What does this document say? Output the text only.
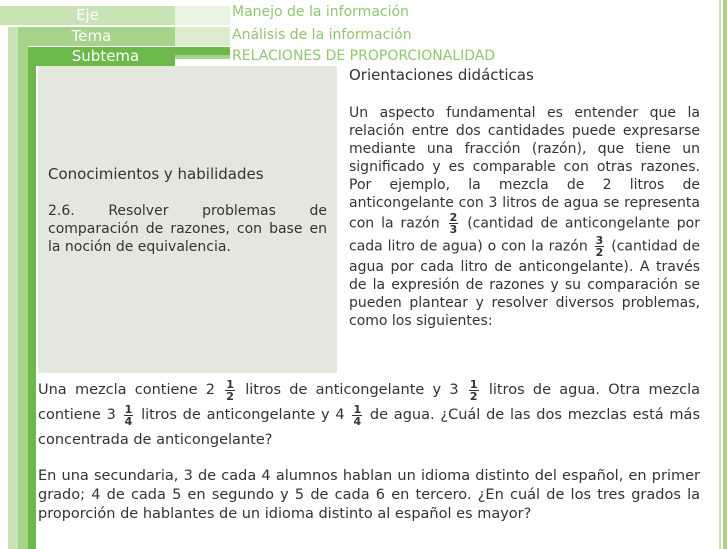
Eje
Tema
Subtema
Manejo de la información
Análisis de la información
RELACIONES DE PROPORCIONALIDAD
Conocimientos y habilidades
2.6. Resolver problemas de comparación de razones, con base en la noción de equivalencia.
Orientaciones didácticas
Un aspecto fundamental es entender que la relación entre dos cantidades puede expresarse mediante una fracción (razón), que tiene un significado y es comparable con otras razones. Por ejemplo, la mezcla de 2 litros de anticongelante con 3 litros de agua se representa con la razón $\frac{2}{3}$ (cantidad de anticongelante por cada litro de agua) o con la razón $\frac{3}{2}$ (cantidad de agua por cada litro de anticongelante). A través de la expresión de razones y su comparación se pueden plantear y resolver diversos problemas, como los siguientes:
Una mezcla contiene $2 \frac{1}{2}$ litros de anticongelante y $3 \frac{1}{2}$ litros de agua. Otra mezcla contiene $3 \frac{1}{4}$ litros de anticongelante y $4 \frac{1}{4}$ de agua. ¿Cuál de las dos mezclas está más concentrada de anticongelante?
En una secundaria, 3 de cada 4 alumnos hablan un idioma distinto del español, en primer grado; 4 de cada 5 en segundo y 5 de cada 6 en tercero. ¿En cuál de los tres grados la proporción de hablantes de un idioma distinto al español es mayor?
